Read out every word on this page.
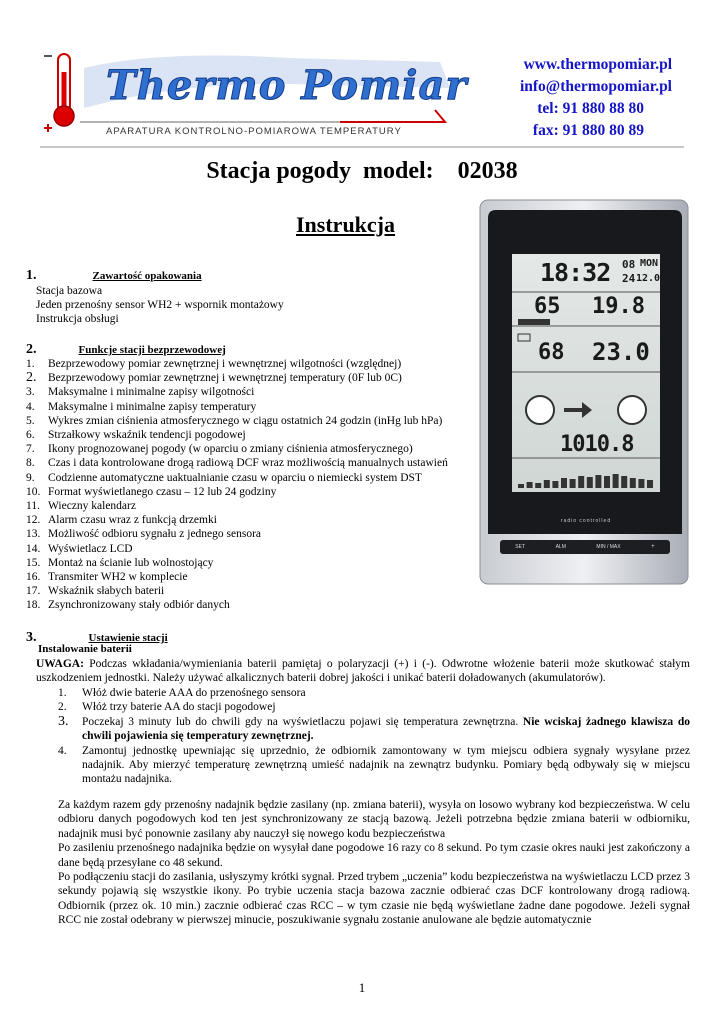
Thermo Pomiar
APARATURA KONTROLNO-POMIAROWA TEMPERATURY
www.thermopomiar.pl
info@thermopomiar.pl
tel: 91 880 88 80
fax: 91 880 80 89
Stacja pogody  model:    02038
Instrukcja
1.	Zawartość opakowania
Stacja bazowa
Jeden przenośny sensor WH2 + wspornik montażowy
Instrukcja obsługi
2.	Funkcje stacji bezprzewodowej
1. Bezprzewodowy pomiar zewnętrznej i wewnętrznej wilgotności (względnej)
2. Bezprzewodowy pomiar zewnętrznej i wewnętrznej temperatury (0F lub 0C)
3. Maksymalne i minimalne zapisy wilgotności
4. Maksymalne i minimalne zapisy temperatury
5. Wykres zmian ciśnienia atmosferycznego w ciągu ostatnich 24 godzin (inHg lub hPa)
6. Strzałkowy wskaźnik tendencji pogodowej
7. Ikony prognozowanej pogody (w oparciu o zmiany ciśnienia atmosferycznego)
8. Czas i data kontrolowane drogą radiową DCF wraz możliwością manualnych ustawień
9. Codzienne automatyczne uaktualnianie czasu w oparciu o niemiecki system DST
10. Format wyświetlanego czasu – 12 lub 24 godziny
11. Wieczny kalendarz
12. Alarm czasu wraz z funkcją drzemki
13. Możliwość odbioru sygnału z jednego sensora
14. Wyświetlacz LCD
15. Montaż na ścianie lub wolnostojący
16. Transmiter WH2 w komplecie
17. Wskaźnik słabych baterii
18. Zsynchronizowany stały odbiór danych
radio controlled
18:32 08 MON
24 12.05
65 19.8
68 23.0
1010.8
SET	ALM	MIN / MAX	+
3.	Ustawienie stacji
Instalowanie baterii
UWAGA: Podczas wkładania/wymieniania baterii pamiętaj o polaryzacji (+) i (-). Odwrotne włożenie baterii może skutkować stałym uszkodzeniem jednostki. Należy używać alkalicznych baterii dobrej jakości i unikać baterii doładowanych (akumulatorów).
1.	Włóż dwie baterie AAA do przenośnego sensora
2.	Włóż trzy baterie AA do stacji pogodowej
3.	Poczekaj 3 minuty lub do chwili gdy na wyświetlaczu pojawi się temperatura zewnętrzna. Nie wciskaj żadnego klawisza do chwili pojawienia się temperatury zewnętrznej.
4.	Zamontuj jednostkę upewniając się uprzednio, że odbiornik zamontowany w tym miejscu odbiera sygnały wysyłane przez nadajnik. Aby mierzyć temperaturę zewnętrzną umieść nadajnik na zewnątrz budynku. Pomiary będą odbywały się w miejscu montażu nadajnika.
Za każdym razem gdy przenośny nadajnik będzie zasilany (np. zmiana baterii), wysyła on losowo wybrany kod bezpieczeństwa. W celu odbioru danych pogodowych kod ten jest synchronizowany ze stacją bazową. Jeżeli potrzebna będzie zmiana baterii w odbiorniku, nadajnik musi być ponownie zasilany aby nauczył się nowego kodu bezpieczeństwa
Po zasileniu przenośnego nadajnika będzie on wysyłał dane pogodowe 16 razy co 8 sekund. Po tym czasie okres nauki jest zakończony a dane będą przesyłane co 48 sekund.
Po podłączeniu stacji do zasilania, usłyszymy krótki sygnał. Przed trybem „uczenia” kodu bezpieczeństwa na wyświetlaczu LCD przez 3 sekundy pojawią się wszystkie ikony. Po trybie uczenia stacja bazowa zacznie odbierać czas DCF kontrolowany drogą radiową. Odbiornik (przez ok. 10 min.) zacznie odbierać czas RCC – w tym czasie nie będą wyświetlane żadne dane pogodowe. Jeżeli sygnał RCC nie został odebrany w pierwszej minucie, poszukiwanie sygnału zostanie anulowane ale będzie automatycznie
1
